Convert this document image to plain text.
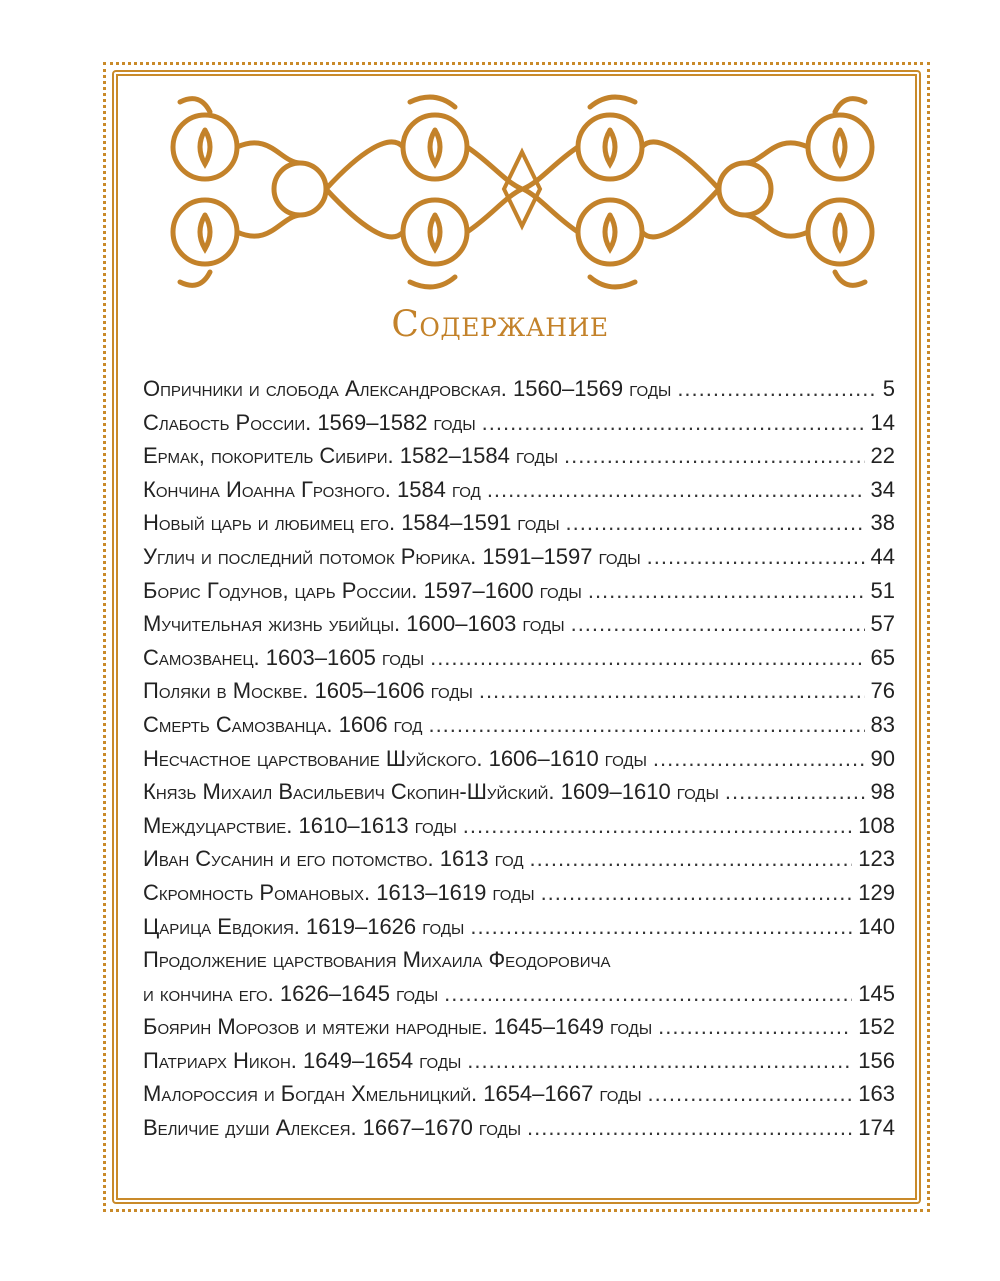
Содержание
Опричники и слобода Александровская. 1560–1569 годы .....	5
Слабость России. 1569–1582 годы .....	14
Ермак, покоритель Сибири. 1582–1584 годы .....	22
Кончина Иоанна Грозного. 1584 год .....	34
Новый царь и любимец его. 1584–1591 годы .....	38
Углич и последний потомок Рюрика. 1591–1597 годы .....	44
Борис Годунов, царь России. 1597–1600 годы .....	51
Мучительная жизнь убийцы. 1600–1603 годы .....	57
Самозванец. 1603–1605 годы .....	65
Поляки в Москве. 1605–1606 годы .....	76
Смерть Самозванца. 1606 год .....	83
Несчастное царствование Шуйского. 1606–1610 годы .....	90
Князь Михаил Васильевич Скопин-Шуйский. 1609–1610 годы .....	98
Междуцарствие. 1610–1613 годы .....	108
Иван Сусанин и его потомство. 1613 год .....	123
Скромность Романовых. 1613–1619 годы .....	129
Царица Евдокия. 1619–1626 годы .....	140
Продолжение царствования Михаила Феодоровича
и кончина его. 1626–1645 годы .....	145
Боярин Морозов и мятежи народные. 1645–1649 годы .....	152
Патриарх Никон. 1649–1654 годы .....	156
Малороссия и Богдан Хмельницкий. 1654–1667 годы .....	163
Величие души Алексея. 1667–1670 годы .....	174
